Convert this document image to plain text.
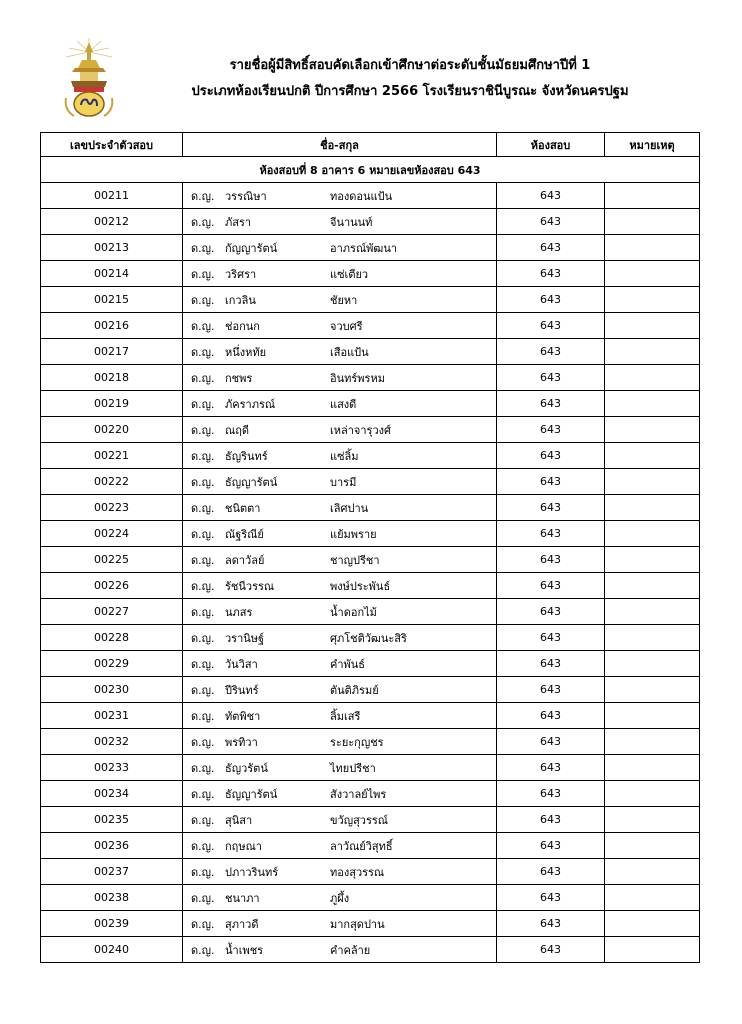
รายชื่อผู้มีสิทธิ์สอบคัดเลือกเข้าศึกษาต่อระดับชั้นมัธยมศึกษาปีที่ 1
ประเภทห้องเรียนปกติ ปีการศึกษา 2566 โรงเรียนราชินีบูรณะ จังหวัดนครปฐม
เลขประจำตัวสอบ	ชื่อ-สกุล	ห้องสอบ	หมายเหตุ
ห้องสอบที่ 8 อาคาร 6 หมายเลขห้องสอบ 643			
00211	ด.ญ. วรรณิษา ทองดอนแป้น	643	
00212	ด.ญ. ภัสรา จีนานนท์	643	
00213	ด.ญ. กัญญารัตน์ อาภรณ์พัฒนา	643	
00214	ด.ญ. วริศรา แซ่เตียว	643	
00215	ด.ญ. เกวลิน ชัยหา	643	
00216	ด.ญ. ช่อกนก จวบศรี	643	
00217	ด.ญ. หนึ่งหทัย เสือแป้น	643	
00218	ด.ญ. กชพร อินทร์พรหม	643	
00219	ด.ญ. ภัคราภรณ์ แสงดี	643	
00220	ด.ญ. ณฤดี เหล่าจารุวงศ์	643	
00221	ด.ญ. ธัญรินทร์ แซ่ลิ้ม	643	
00222	ด.ญ. ธัญญารัตน์ บารมี	643	
00223	ด.ญ. ชนิตตา เลิศปาน	643	
00224	ด.ญ. ณัฐริณีย์ แย้มพราย	643	
00225	ด.ญ. ลดาวัลย์ ชาญปรีชา	643	
00226	ด.ญ. รัชนีวรรณ พงษ์ประพันธ์	643	
00227	ด.ญ. นภสร น้ำดอกไม้	643	
00228	ด.ญ. วรานิษฐ์ ศุภโชติวัฒนะสิริ	643	
00229	ด.ญ. วันวิสา คำพันธ์	643	
00230	ด.ญ. ปีรินทร์ ตันติภิรมย์	643	
00231	ด.ญ. ทัตพิชา ลิ้มเสรี	643	
00232	ด.ญ. พรทิวา ระยะกุญชร	643	
00233	ด.ญ. ธัญวรัตน์ ไทยปรีชา	643	
00234	ด.ญ. ธัญญารัตน์ สังวาลย์ไพร	643	
00235	ด.ญ. สุนิสา ขวัญสุวรรณ์	643	
00236	ด.ญ. กฤษณา ลาวัณย์วิสุทธิ์	643	
00237	ด.ญ. ปภาวรินทร์ ทองสุวรรณ	643	
00238	ด.ญ. ชนาภา ภูผึ้ง	643	
00239	ด.ญ. สุภาวดี มากสุดปาน	643	
00240	ด.ญ. น้ำเพชร คำคล้าย	643	
